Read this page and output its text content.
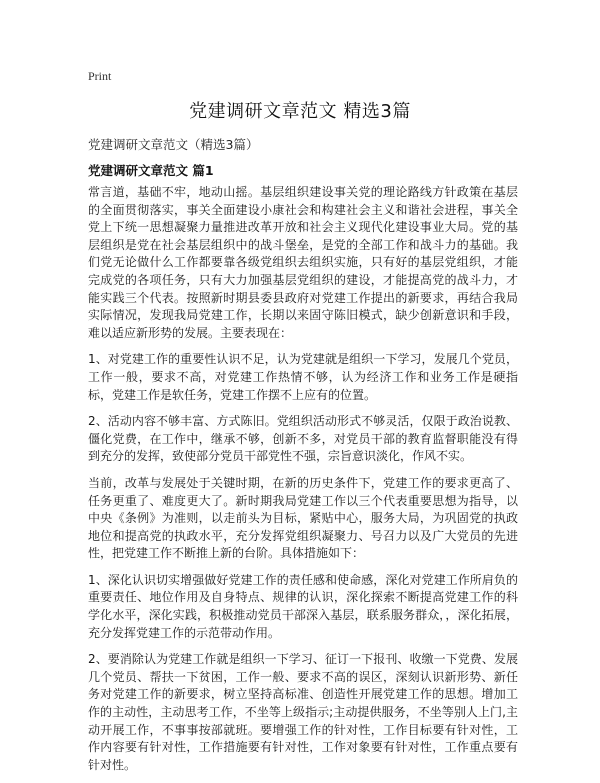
Print
党建调研文章范文 精选3篇
党建调研文章范文（精选3篇）
党建调研文章范文 篇1

常言道，基础不牢，地动山摇。基层组织建设事关党的理论路线方针政策在基层的全面贯彻落实，事关全面建设小康社会和构建社会主义和谐社会进程，事关全党上下统一思想凝聚力量推进改革开放和社会主义现代化建设事业大局。党的基层组织是党在社会基层组织中的战斗堡垒，是党的全部工作和战斗力的基础。我们党无论做什么工作都要靠各级党组织去组织实施，只有好的基层党组织，才能完成党的各项任务，只有大力加强基层党组织的建设，才能提高党的战斗力，才能实践三个代表。按照新时期县委县政府对党建工作提出的新要求，再结合我局实际情况，发现我局党建工作，长期以来固守陈旧模式，缺少创新意识和手段，难以适应新形势的发展。主要表现在：

1、对党建工作的重要性认识不足，认为党建就是组织一下学习，发展几个党员，工作一般，要求不高，对党建工作热情不够，认为经济工作和业务工作是硬指标，党建工作是软任务，党建工作摆不上应有的位置。

2、活动内容不够丰富、方式陈旧。党组织活动形式不够灵活，仅限于政治说教、僵化党费，在工作中，继承不够，创新不多，对党员干部的教育监督职能没有得到充分的发挥，致使部分党员干部党性不强，宗旨意识淡化，作风不实。

当前，改革与发展处于关键时期，在新的历史条件下，党建工作的要求更高了、任务更重了、难度更大了。新时期我局党建工作以三个代表重要思想为指导，以中央《条例》为准则，以走前头为目标，紧贴中心，服务大局，为巩固党的执政地位和提高党的执政水平，充分发挥党组织凝聚力、号召力以及广大党员的先进性，把党建工作不断推上新的台阶。具体措施如下：

1、深化认识切实增强做好党建工作的责任感和使命感，深化对党建工作所肩负的重要责任、地位作用及自身特点、规律的认识，深化探索不断提高党建工作的科学化水平，深化实践，积极推动党员干部深入基层，联系服务群众，，深化拓展，充分发挥党建工作的示范带动作用。

2、要消除认为党建工作就是组织一下学习、征订一下报刊、收缴一下党费、发展几个党员、帮扶一下贫困，工作一般、要求不高的误区，深刻认识新形势、新任务对党建工作的新要求，树立坚持高标准、创造性开展党建工作的思想。增加工作的主动性，主动思考工作，不坐等上级指示;主动提供服务，不坐等别人上门,主动开展工作，不事事按部就班。要增强工作的针对性，工作目标要有针对性，工作内容要有针对性，工作措施要有针对性，工作对象要有针对性，工作重点要有针对性。
